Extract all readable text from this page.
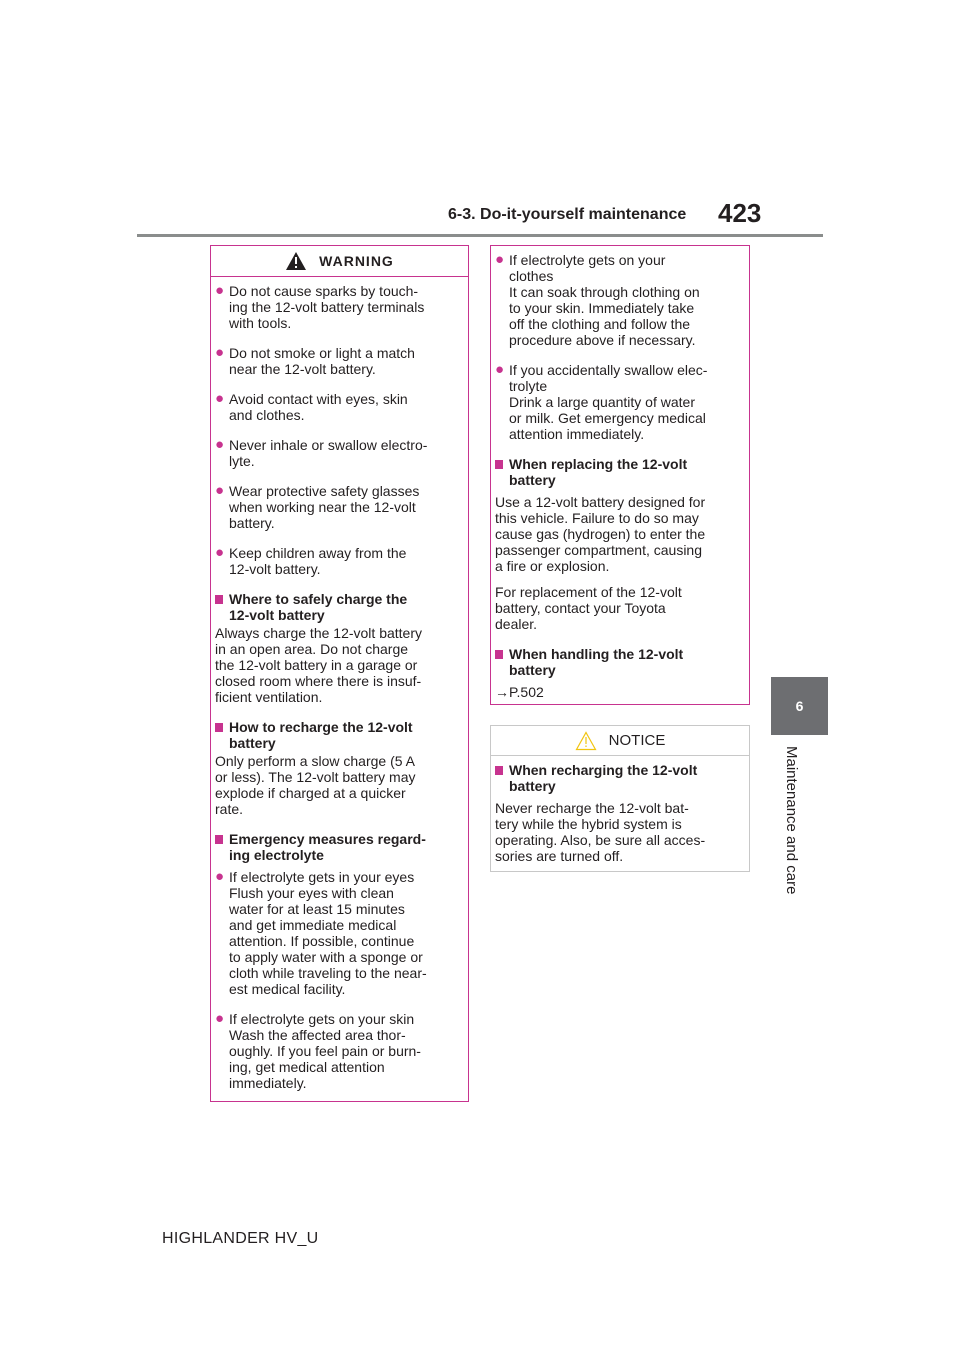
6-3. Do-it-yourself maintenance 423
6
Maintenance and care
HIGHLANDER HV_U
WARNING
● Do not cause sparks by touch-
ing the 12-volt battery terminals
with tools.
● Do not smoke or light a match
near the 12-volt battery.
● Avoid contact with eyes, skin
and clothes.
● Never inhale or swallow electro-
lyte.
● Wear protective safety glasses
when working near the 12-volt
battery.
● Keep children away from the
12-volt battery.
Where to safely charge the
12-volt battery
Always charge the 12-volt battery
in an open area. Do not charge
the 12-volt battery in a garage or
closed room where there is insuf-
ficient ventilation.
How to recharge the 12-volt
battery
Only perform a slow charge (5 A
or less). The 12-volt battery may
explode if charged at a quicker
rate.
Emergency measures regard-
ing electrolyte
● If electrolyte gets in your eyes
Flush your eyes with clean
water for at least 15 minutes
and get immediate medical
attention. If possible, continue
to apply water with a sponge or
cloth while traveling to the near-
est medical facility.
● If electrolyte gets on your skin
Wash the affected area thor-
oughly. If you feel pain or burn-
ing, get medical attention
immediately.
● If electrolyte gets on your
clothes
It can soak through clothing on
to your skin. Immediately take
off the clothing and follow the
procedure above if necessary.
● If you accidentally swallow elec-
trolyte
Drink a large quantity of water
or milk. Get emergency medical
attention immediately.
When replacing the 12-volt
battery
Use a 12-volt battery designed for
this vehicle. Failure to do so may
cause gas (hydrogen) to enter the
passenger compartment, causing
a fire or explosion.
For replacement of the 12-volt
battery, contact your Toyota
dealer.
When handling the 12-volt
battery
→P.502
NOTICE
When recharging the 12-volt
battery
Never recharge the 12-volt bat-
tery while the hybrid system is
operating. Also, be sure all acces-
sories are turned off.
